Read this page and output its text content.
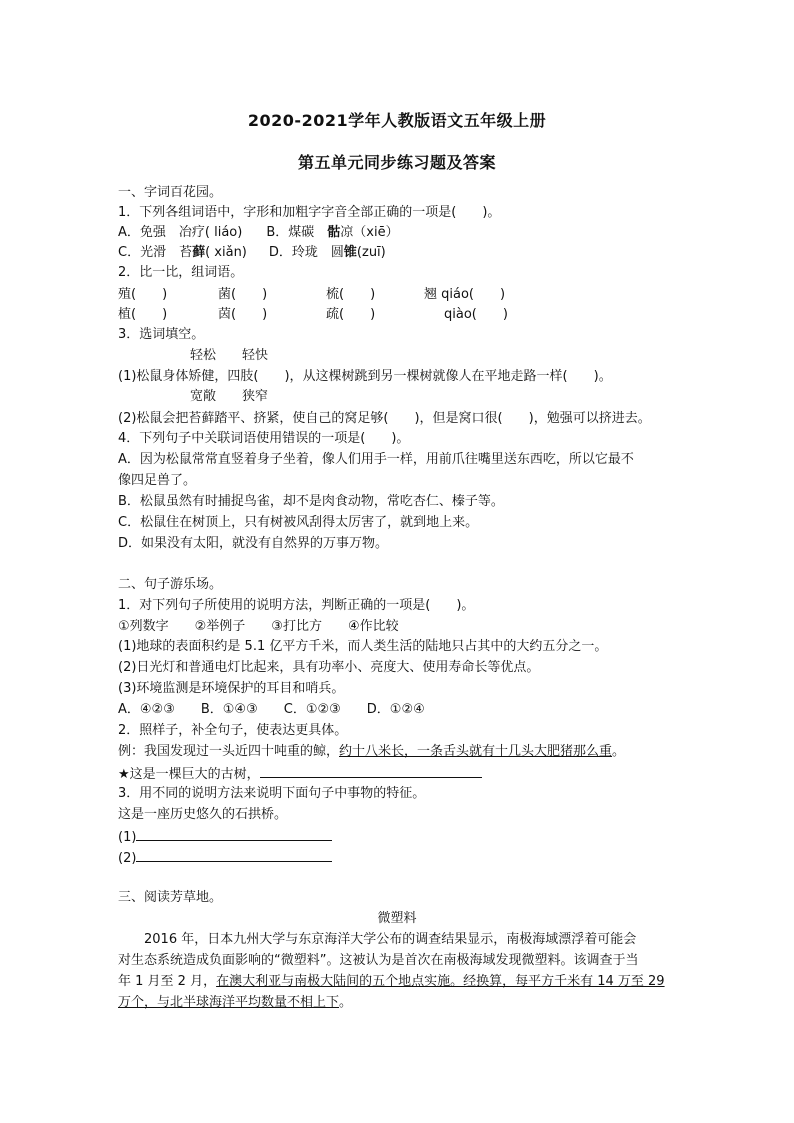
2020-2021学年人教版语文五年级上册
第五单元同步练习题及答案
一、字词百花园。
1．下列各组词语中，字形和加粗字字音全部正确的一项是(　　)。
A．免强　冶疗( liáo) B．煤碳　骷凉（xiē）
C．光滑　苔藓( xiǎn) D．玲珑　圆锥(zuī)
2．比一比，组词语。
殖(　　)	菌(　　)	梳(　　)	翘 qiáo(　　)
植(　　)	茵(　　)	疏(　　)	qiào(　　)
3．选词填空。
轻松　　轻快
(1)松鼠身体矫健，四肢(　　)，从这棵树跳到另一棵树就像人在平地走路一样(　　)。
宽敞　　狭窄
(2)松鼠会把苔藓踏平、挤紧，使自己的窝足够(　　)，但是窝口很(　　)，勉强可以挤进去。
4．下列句子中关联词语使用错误的一项是(　　)。
A．因为松鼠常常直竖着身子坐着，像人们用手一样，用前爪往嘴里送东西吃，所以它最不
像四足兽了。
B．松鼠虽然有时捕捉鸟雀，却不是肉食动物，常吃杏仁、榛子等。
C．松鼠住在树顶上，只有树被风刮得太厉害了，就到地上来。
D．如果没有太阳，就没有自然界的万事万物。
二、句子游乐场。
1．对下列句子所使用的说明方法，判断正确的一项是(　　)。
①列数字　　②举例子　　③打比方　　④作比较
(1)地球的表面积约是 5.1 亿平方千米，而人类生活的陆地只占其中的大约五分之一。
(2)日光灯和普通电灯比起来，具有功率小、亮度大、使用寿命长等优点。
(3)环境监测是环境保护的耳目和哨兵。
A．④②③　　B．①④③　　C．①②③　　D．①②④
2．照样子，补全句子，使表达更具体。
例：我国发现过一头近四十吨重的鲸，约十八米长，一条舌头就有十几头大肥猪那么重。
★这是一棵巨大的古树，
3．用不同的说明方法来说明下面句子中事物的特征。
这是一座历史悠久的石拱桥。
(1)
(2)
三、阅读芳草地。
微塑料
　　2016 年，日本九州大学与东京海洋大学公布的调查结果显示，南极海域漂浮着可能会
对生态系统造成负面影响的“微塑料”。这被认为是首次在南极海域发现微塑料。该调查于当
年 1 月至 2 月，在澳大利亚与南极大陆间的五个地点实施。经换算，每平方千米有 14 万至 29
万个，与北半球海洋平均数量不相上下。
